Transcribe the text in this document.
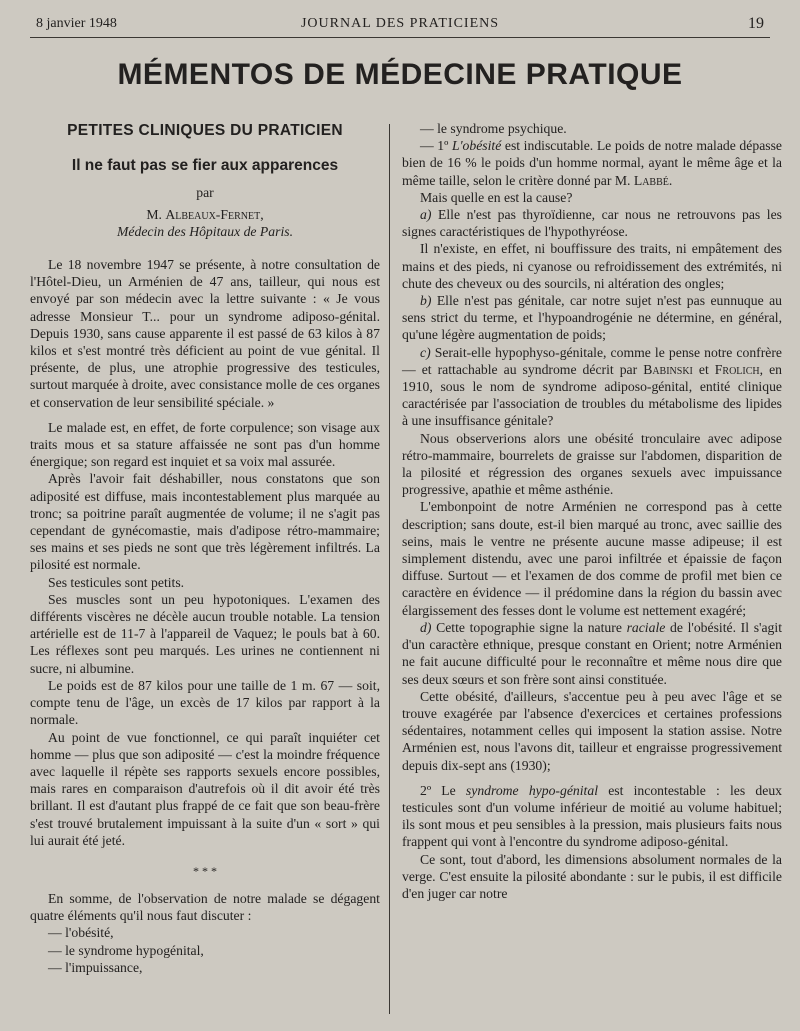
8 janvier 1948	JOURNAL DES PRATICIENS	19
MÉMENTOS DE MÉDECINE PRATIQUE
PETITES CLINIQUES DU PRATICIEN
Il ne faut pas se fier aux apparences
par
M. Albeaux-Fernet,
Médecin des Hôpitaux de Paris.

Le 18 novembre 1947 se présente, à notre consultation de l'Hôtel-Dieu, un Arménien de 47 ans, tailleur, qui nous est envoyé par son médecin avec la lettre suivante : « Je vous adresse Monsieur T... pour un syndrome adiposo-génital. Depuis 1930, sans cause apparente il est passé de 63 kilos à 87 kilos et s'est montré très déficient au point de vue génital. Il présente, de plus, une atrophie progressive des testicules, surtout marquée à droite, avec consistance molle de ces organes et conservation de leur sensibilité spéciale. »

Le malade est, en effet, de forte corpulence; son visage aux traits mous et sa stature affaissée ne sont pas d'un homme énergique; son regard est inquiet et sa voix mal assurée.

Après l'avoir fait déshabiller, nous constatons que son adiposité est diffuse, mais incontestablement plus marquée au tronc; sa poitrine paraît augmentée de volume; il ne s'agit pas cependant de gynécomastie, mais d'adipose rétro-mammaire; ses mains et ses pieds ne sont que très légèrement infiltrés. La pilosité est normale.

Ses testicules sont petits.

Ses muscles sont un peu hypotoniques. L'examen des différents viscères ne décèle aucun trouble notable. La tension artérielle est de 11-7 à l'appareil de Vaquez; le pouls bat à 60. Les réflexes sont peu marqués. Les urines ne contiennent ni sucre, ni albumine.

Le poids est de 87 kilos pour une taille de 1 m. 67 — soit, compte tenu de l'âge, un excès de 17 kilos par rapport à la normale.

Au point de vue fonctionnel, ce qui paraît inquiéter cet homme — plus que son adiposité — c'est la moindre fréquence avec laquelle il répète ses rapports sexuels encore possibles, mais rares en comparaison d'autrefois où il dit avoir été très brillant. Il est d'autant plus frappé de ce fait que son beau-frère s'est trouvé brutalement impuissant à la suite d'un « sort » qui lui aurait été jeté.

* * *

En somme, de l'observation de notre malade se dégagent quatre éléments qu'il nous faut discuter :

— l'obésité,

— le syndrome hypogénital,

— l'impuissance,

— le syndrome psychique.

— 1º L'obésité est indiscutable. Le poids de notre malade dépasse bien de 16 % le poids d'un homme normal, ayant le même âge et la même taille, selon le critère donné par M. Labbé.

Mais quelle en est la cause?

a) Elle n'est pas thyroïdienne, car nous ne retrouvons pas les signes caractéristiques de l'hypothyréose.

Il n'existe, en effet, ni bouffissure des traits, ni empâtement des mains et des pieds, ni cyanose ou refroidissement des extrémités, ni chute des cheveux ou des sourcils, ni altération des ongles;

b) Elle n'est pas génitale, car notre sujet n'est pas eunnuque au sens strict du terme, et l'hypoandrogénie ne détermine, en général, qu'une légère augmentation de poids;

c) Serait-elle hypophyso-génitale, comme le pense notre confrère — et rattachable au syndrome décrit par Babinski et Frolich, en 1910, sous le nom de syndrome adiposo-génital, entité clinique caractérisée par l'association de troubles du métabolisme des lipides à une insuffisance génitale?

Nous observerions alors une obésité tronculaire avec adipose rétro-mammaire, bourrelets de graisse sur l'abdomen, disparition de la pilosité et régression des organes sexuels avec impuissance progressive, apathie et même asthénie.

L'embonpoint de notre Arménien ne correspond pas à cette description; sans doute, est-il bien marqué au tronc, avec saillie des seins, mais le ventre ne présente aucune masse adipeuse; il est simplement distendu, avec une paroi infiltrée et épaissie de façon diffuse. Surtout — et l'examen de dos comme de profil met bien ce caractère en évidence — il prédomine dans la région du bassin avec élargissement des fesses dont le volume est nettement exagéré;

d) Cette topographie signe la nature raciale de l'obésité. Il s'agit d'un caractère ethnique, presque constant en Orient; notre Arménien ne fait aucune difficulté pour le reconnaître et même nous dire que ses deux sœurs et son frère sont ainsi constituée.

Cette obésité, d'ailleurs, s'accentue peu à peu avec l'âge et se trouve exagérée par l'absence d'exercices et certaines professions sédentaires, notamment celles qui imposent la station assise. Notre Arménien est, nous l'avons dit, tailleur et engraisse progressivement depuis dix-sept ans (1930);

2º Le syndrome hypo-génital est incontestable : les deux testicules sont d'un volume inférieur de moitié au volume habituel; ils sont mous et peu sensibles à la pression, mais plusieurs faits nous frappent qui vont à l'encontre du syndrome adiposo-génital.

Ce sont, tout d'abord, les dimensions absolument normales de la verge. C'est ensuite la pilosité abondante : sur le pubis, il est difficile d'en juger car notre
